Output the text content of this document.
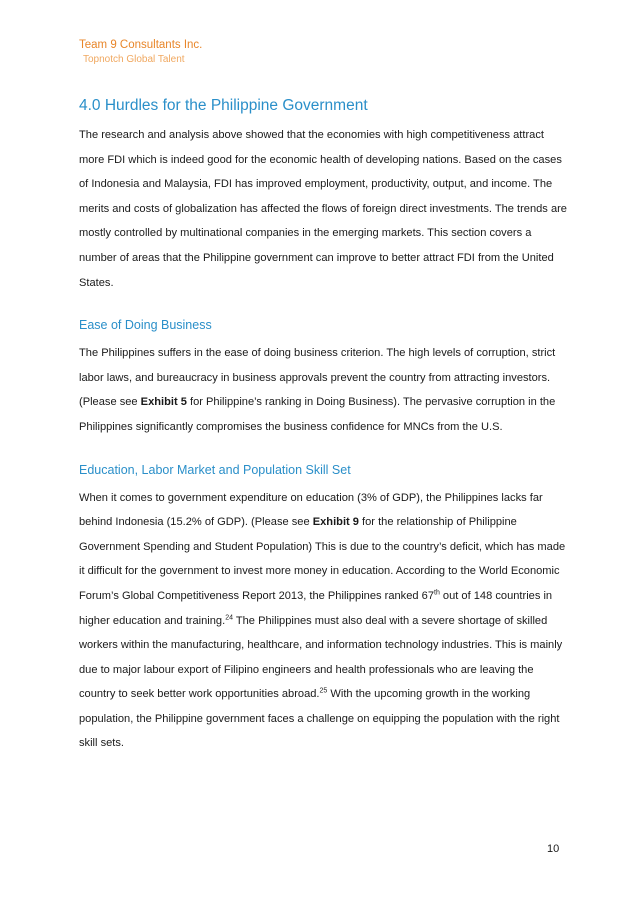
Team 9 Consultants Inc.
Topnotch Global Talent
4.0 Hurdles for the Philippine Government

The research and analysis above showed that the economies with high competitiveness attract more FDI which is indeed good for the economic health of developing nations. Based on the cases of Indonesia and Malaysia, FDI has improved employment, productivity, output, and income. The merits and costs of globalization has affected the flows of foreign direct investments. The trends are mostly controlled by multinational companies in the emerging markets. This section covers a number of areas that the Philippine government can improve to better attract FDI from the United States.

Ease of Doing Business

The Philippines suffers in the ease of doing business criterion. The high levels of corruption, strict labor laws, and bureaucracy in business approvals prevent the country from attracting investors. (Please see Exhibit 5 for Philippine’s ranking in Doing Business). The pervasive corruption in the Philippines significantly compromises the business confidence for MNCs from the U.S.

Education, Labor Market and Population Skill Set

When it comes to government expenditure on education (3% of GDP), the Philippines lacks far behind Indonesia (15.2% of GDP). (Please see Exhibit 9 for the relationship of Philippine Government Spending and Student Population) This is due to the country’s deficit, which has made it difficult for the government to invest more money in education. According to the World Economic Forum’s Global Competitiveness Report 2013, the Philippines ranked 67th out of 148 countries in higher education and training.$^{24}$ The Philippines must also deal with a severe shortage of skilled workers within the manufacturing, healthcare, and information technology industries. This is mainly due to major labour export of Filipino engineers and health professionals who are leaving the country to seek better work opportunities abroad.$^{25}$ With the upcoming growth in the working population, the Philippine government faces a challenge on equipping the population with the right skill sets.

10
